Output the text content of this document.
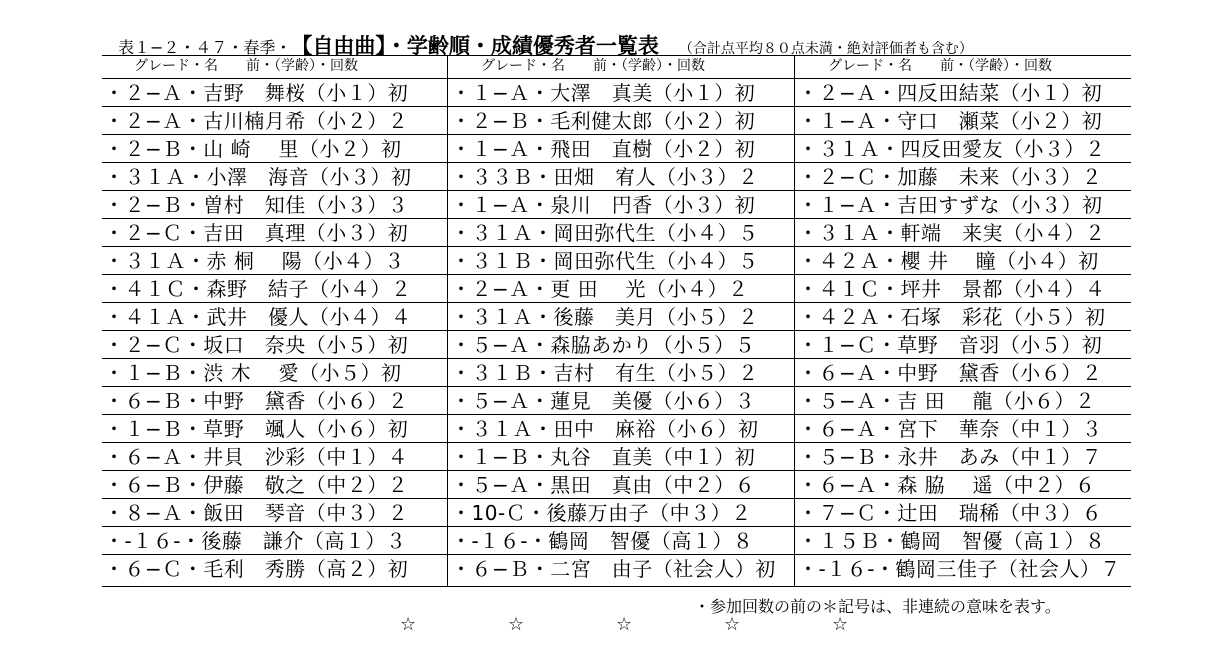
表１−２・４７・春季・【自由曲】・学齢順・成績優秀者一覧表 （合計点平均８０点未満・絶対評価者も含む）
グレード・名　　前・（学齢）・回数	グレード・名　　前・（学齢）・回数	グレード・名　　前・（学齢）・回数
・２−Ａ・吉野　舞桜（小１）初 ・１−Ａ・大澤　真美（小１）初 ・２−Ａ・四反田結菜（小１）初
・２−Ａ・古川楠月希（小２）２ ・２−Ｂ・毛利健太郎（小２）初 ・１−Ａ・守口　瀬菜（小２）初
・２−Ｂ・山 崎　 里（小２）初 ・１−Ａ・飛田　直樹（小２）初 ・３１Ａ・四反田愛友（小３）２
・３１Ａ・小澤　海音（小３）初 ・３３Ｂ・田畑　宥人（小３）２ ・２−Ｃ・加藤　未来（小３）２
・２−Ｂ・曽村　知佳（小３）３ ・１−Ａ・泉川　円香（小３）初 ・１−Ａ・吉田すずな（小３）初
・２−Ｃ・吉田　真理（小３）初 ・３１Ａ・岡田弥代生（小４）５ ・３１Ａ・軒端　来実（小４）２
・３１Ａ・赤 桐　 陽（小４）３ ・３１Ｂ・岡田弥代生（小４）５ ・４２Ａ・櫻 井　 瞳（小４）初
・４１Ｃ・森野　結子（小４）２ ・２−Ａ・更 田　 光（小４）２ ・４１Ｃ・坪井　景都（小４）４
・４１Ａ・武井　優人（小４）４ ・３１Ａ・後藤　美月（小５）２ ・４２Ａ・石塚　彩花（小５）初
・２−Ｃ・坂口　奈央（小５）初 ・５−Ａ・森脇あかり（小５）５ ・１−Ｃ・草野　音羽（小５）初
・１−Ｂ・渋 木　 愛（小５）初 ・３１Ｂ・吉村　有生（小５）２ ・６−Ａ・中野　黛香（小６）２
・６−Ｂ・中野　黛香（小６）２ ・５−Ａ・蓮見　美優（小６）３ ・５−Ａ・吉 田　 龍（小６）２
・１−Ｂ・草野　颯人（小６）初 ・３１Ａ・田中　麻裕（小６）初 ・６−Ａ・宮下　華奈（中１）３
・６−Ａ・井貝　沙彩（中１）４ ・１−Ｂ・丸谷　直美（中１）初 ・５−Ｂ・永井　あみ（中１）７
・６−Ｂ・伊藤　敬之（中２）２ ・５−Ａ・黒田　真由（中２）６ ・６−Ａ・森 脇　 遥（中２）６
・８−Ａ・飯田　琴音（中３）２ ・10-Ｃ・後藤万由子（中３）２ ・７−Ｃ・辻田　瑞稀（中３）６
・-１６-・後藤　謙介（高１）３ ・-１６-・鶴岡　智優（高１）８ ・１５Ｂ・鶴岡　智優（高１）８
・６−Ｃ・毛利　秀勝（高２）初 ・６−Ｂ・二宮　由子（社会人）初 ・-１６-・鶴岡三佳子（社会人）７
・参加回数の前の＊記号は、非連続の意味を表す。
☆	☆	☆	☆	☆
